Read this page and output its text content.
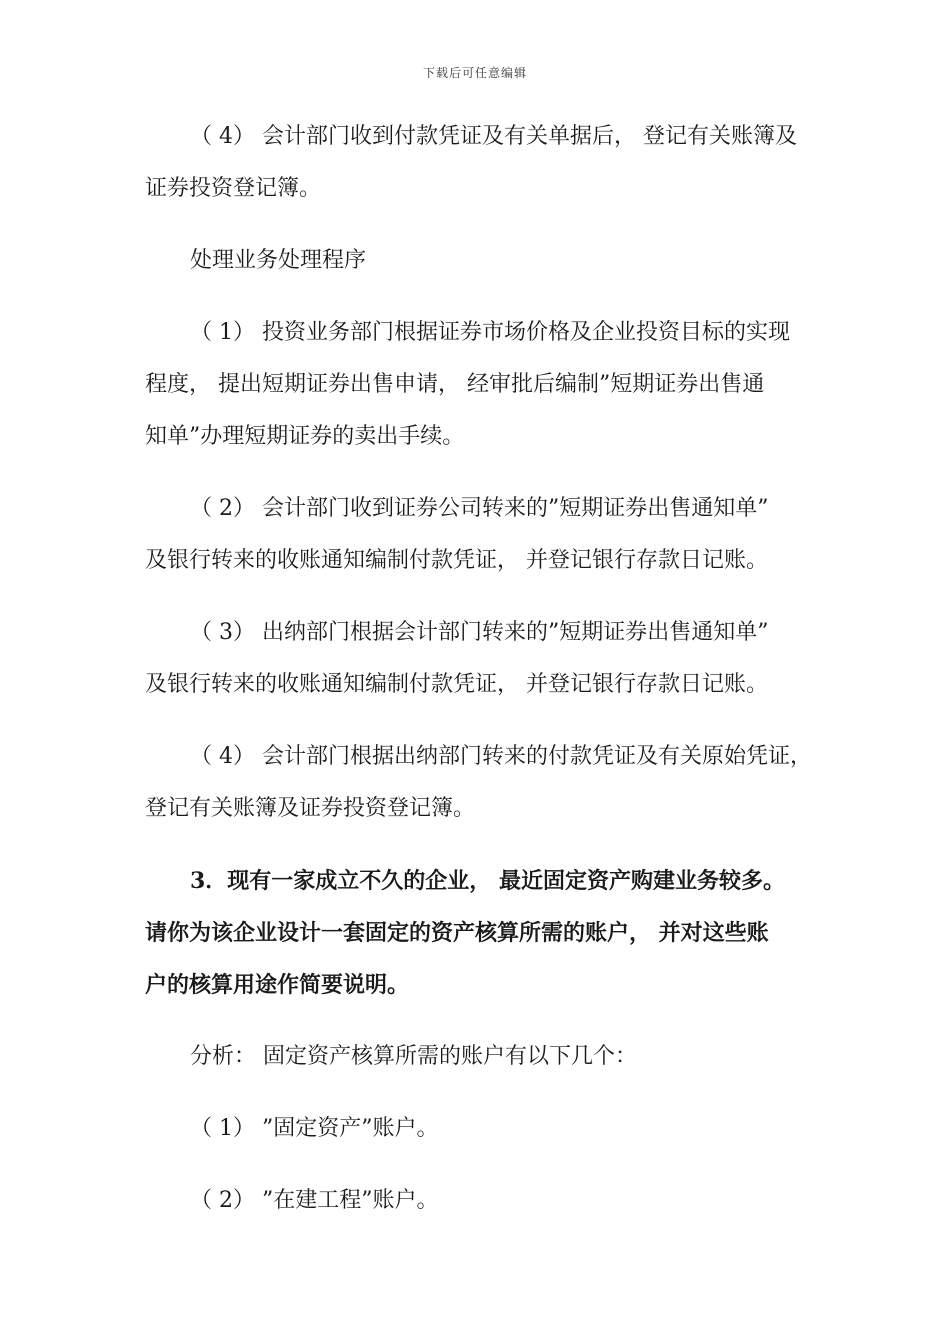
下载后可任意编辑
（ 4） 会计部门收到付款凭证及有关单据后， 登记有关账簿及
证券投资登记簿。
处理业务处理程序
（ 1） 投资业务部门根据证券市场价格及企业投资目标的实现
程度， 提出短期证券出售申请， 经审批后编制”短期证券出售通
知单”办理短期证券的卖出手续。
（ 2） 会计部门收到证券公司转来的”短期证券出售通知单”
及银行转来的收账通知编制付款凭证， 并登记银行存款日记账。
（ 3） 出纳部门根据会计部门转来的”短期证券出售通知单”
及银行转来的收账通知编制付款凭证， 并登记银行存款日记账。
（ 4） 会计部门根据出纳部门转来的付款凭证及有关原始凭证，
登记有关账簿及证券投资登记簿。
3．现有一家成立不久的企业， 最近固定资产购建业务较多。
请你为该企业设计一套固定的资产核算所需的账户， 并对这些账
户的核算用途作简要说明。
分析： 固定资产核算所需的账户有以下几个：
（ 1） ”固定资产”账户。
（ 2） ”在建工程”账户。
